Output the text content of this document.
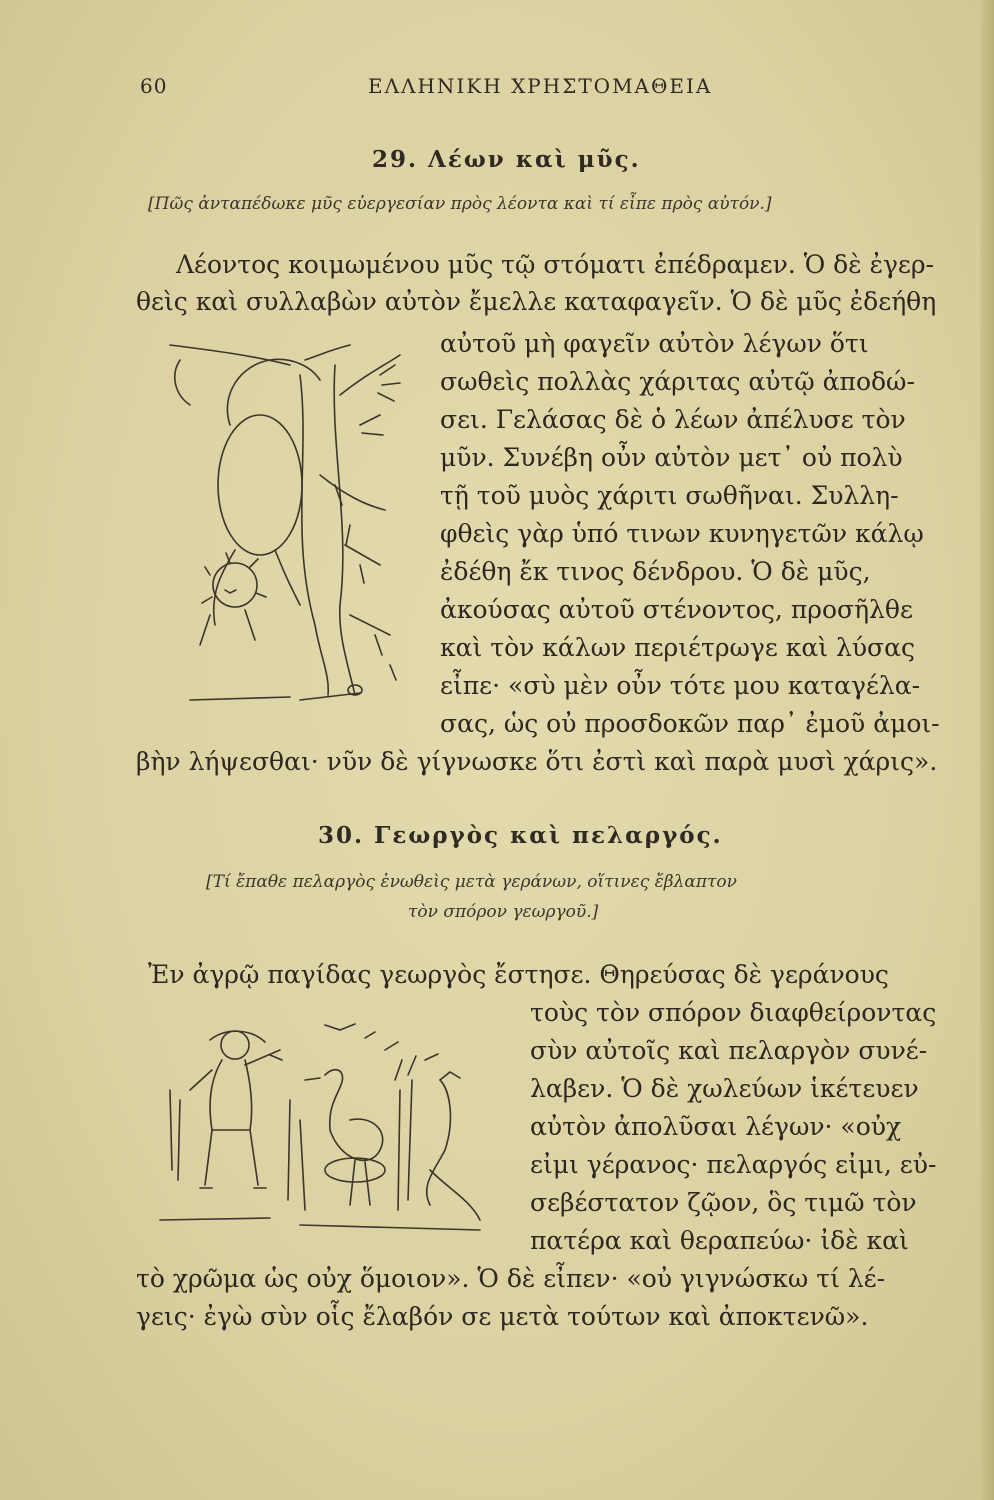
60	ΕΛΛΗΝΙΚΗ ΧΡΗΣΤΟΜΑΘΕΙΑ
29. Λέων καὶ μῦς.
[Πῶς ἀνταπέδωκε μῦς εὐεργεσίαν πρὸς λέοντα καὶ τί εἶπε πρὸς αὐτόν.]
Λέοντος κοιμωμένου μῦς τῷ στόματι ἐπέδραμεν. Ὁ δὲ ἐγερ-
θεὶς καὶ συλλαβὼν αὐτὸν ἔμελλε καταφαγεῖν. Ὁ δὲ μῦς ἐδεήθη
αὐτοῦ μὴ φαγεῖν αὐτὸν λέγων ὅτι
σωθεὶς πολλὰς χάριτας αὐτῷ ἀποδώ-
σει. Γελάσας δὲ ὁ λέων ἀπέλυσε τὸν
μῦν. Συνέβη οὖν αὐτὸν μετ᾽ οὐ πολὺ
τῇ τοῦ μυὸς χάριτι σωθῆναι. Συλλη-
φθεὶς γὰρ ὑπό τινων κυνηγετῶν κάλῳ
ἐδέθη ἔκ τινος δένδρου. Ὁ δὲ μῦς,
ἀκούσας αὐτοῦ στένοντος, προσῆλθε
καὶ τὸν κάλων περιέτρωγε καὶ λύσας
εἶπε· «σὺ μὲν οὖν τότε μου καταγέλα-
σας, ὡς οὐ προσδοκῶν παρ᾽ ἐμοῦ ἀμοι-
βὴν λήψεσθαι· νῦν δὲ γίγνωσκε ὅτι ἐστὶ καὶ παρὰ μυσὶ χάρις».
30. Γεωργὸς καὶ πελαργός.
[Τί ἔπαθε πελαργὸς ἐνωθεὶς μετὰ γεράνων, οἵτινες ἔβλαπτον
τὸν σπόρον γεωργοῦ.]
Ἐν ἀγρῷ παγίδας γεωργὸς ἔστησε. Θηρεύσας δὲ γεράνους
τοὺς τὸν σπόρον διαφθείροντας
σὺν αὐτοῖς καὶ πελαργὸν συνέ-
λαβεν. Ὁ δὲ χωλεύων ἱκέτευεν
αὐτὸν ἀπολῦσαι λέγων· «οὐχ
εἰμι γέρανος· πελαργός εἰμι, εὐ-
σεβέστατον ζῷον, ὃς τιμῶ τὸν
πατέρα καὶ θεραπεύω· ἰδὲ καὶ
τὸ χρῶμα ὡς οὐχ ὅμοιον». Ὁ δὲ εἶπεν· «οὐ γιγνώσκω τί λέ-
γεις· ἐγὼ σὺν οἷς ἔλαβόν σε μετὰ τούτων καὶ ἀποκτενῶ».
